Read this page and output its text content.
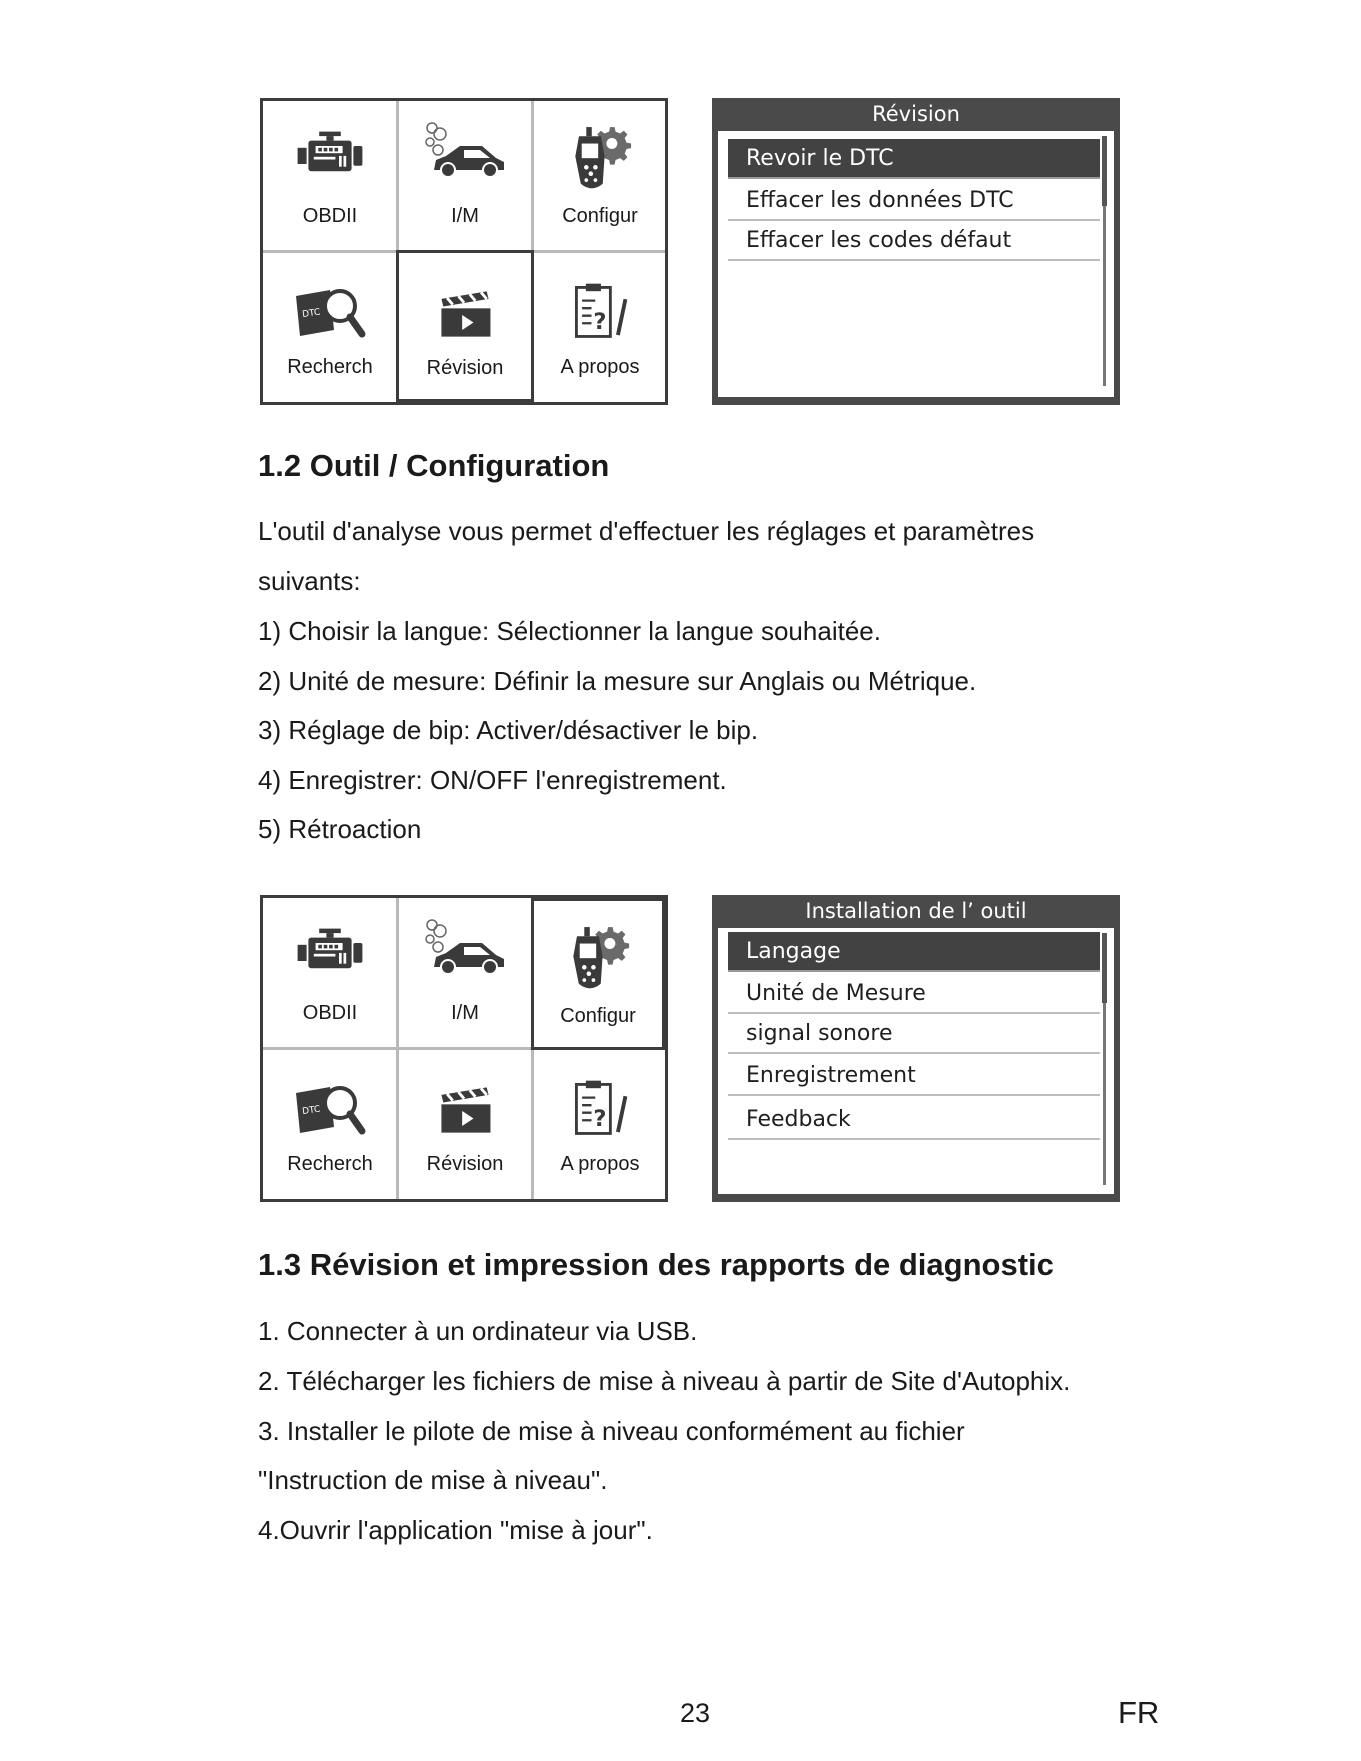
OBDII	I/M	Configur
Recherch	Révision	A propos
Révision
Revoir le DTC
Effacer les données DTC
Effacer les codes défaut
1.2 Outil / Configuration

L'outil d'analyse vous permet d'effectuer les réglages et paramètres

suivants:

1) Choisir la langue: Sélectionner la langue souhaitée.

2) Unité de mesure: Définir la mesure sur Anglais ou Métrique.

3) Réglage de bip: Activer/désactiver le bip.

4) Enregistrer: ON/OFF l'enregistrement.

5) Rétroaction

OBDII	I/M	Configur
Recherch	Révision	A propos
Installation de l’ outil
Langage
Unité de Mesure
signal sonore
Enregistrement
Feedback
1.3 Révision et impression des rapports de diagnostic

1. Connecter à un ordinateur via USB.

2. Télécharger les fichiers de mise à niveau à partir de Site d'Autophix.

3. Installer le pilote de mise à niveau conformément au fichier

"Instruction de mise à niveau".

4.Ouvrir l'application "mise à jour".

23	FR
